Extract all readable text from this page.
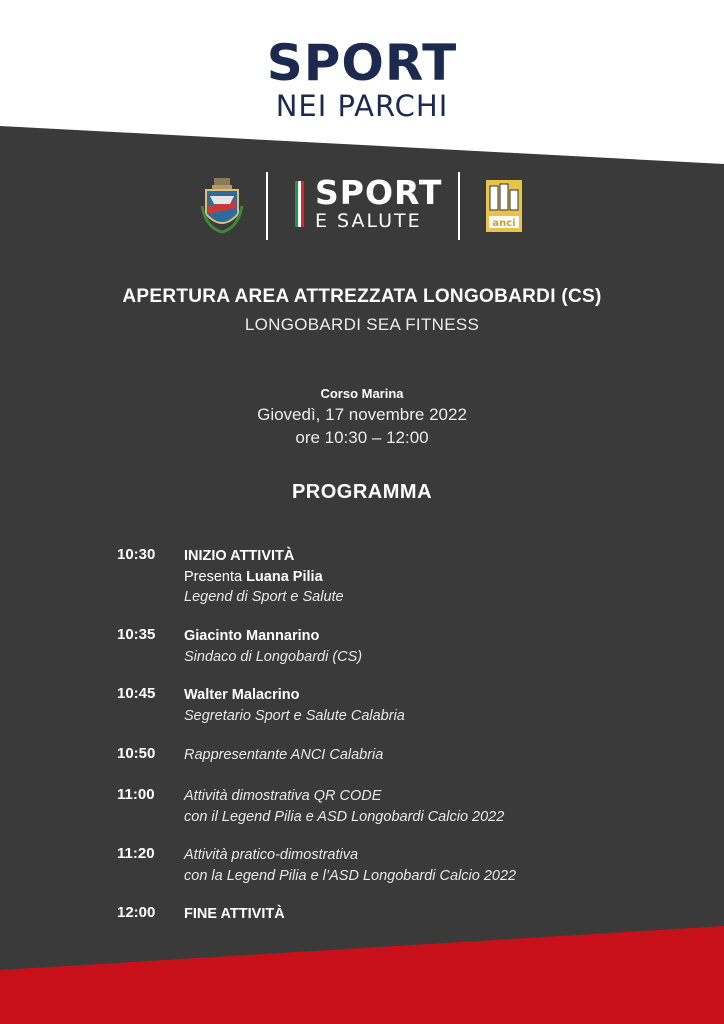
SPORT
NEI PARCHI
SPORT
E SALUTE	anci
APERTURA AREA ATTREZZATA LONGOBARDI (CS)
LONGOBARDI SEA FITNESS
Corso Marina
Giovedì, 17 novembre 2022
ore 10:30 – 12:00
PROGRAMMA
10:30 INIZIO ATTIVITÀ
Presenta Luana Pilia
Legend di Sport e Salute
10:35 Giacinto Mannarino
Sindaco di Longobardi (CS)
10:45 Walter Malacrino
Segretario Sport e Salute Calabria
10:50 Rappresentante ANCI Calabria
11:00 Attività dimostrativa QR CODE
con il Legend Pilia e ASD Longobardi Calcio 2022
11:20 Attività pratico-dimostrativa
con la Legend Pilia e l’ASD Longobardi Calcio 2022
12:00 FINE ATTIVITÀ
